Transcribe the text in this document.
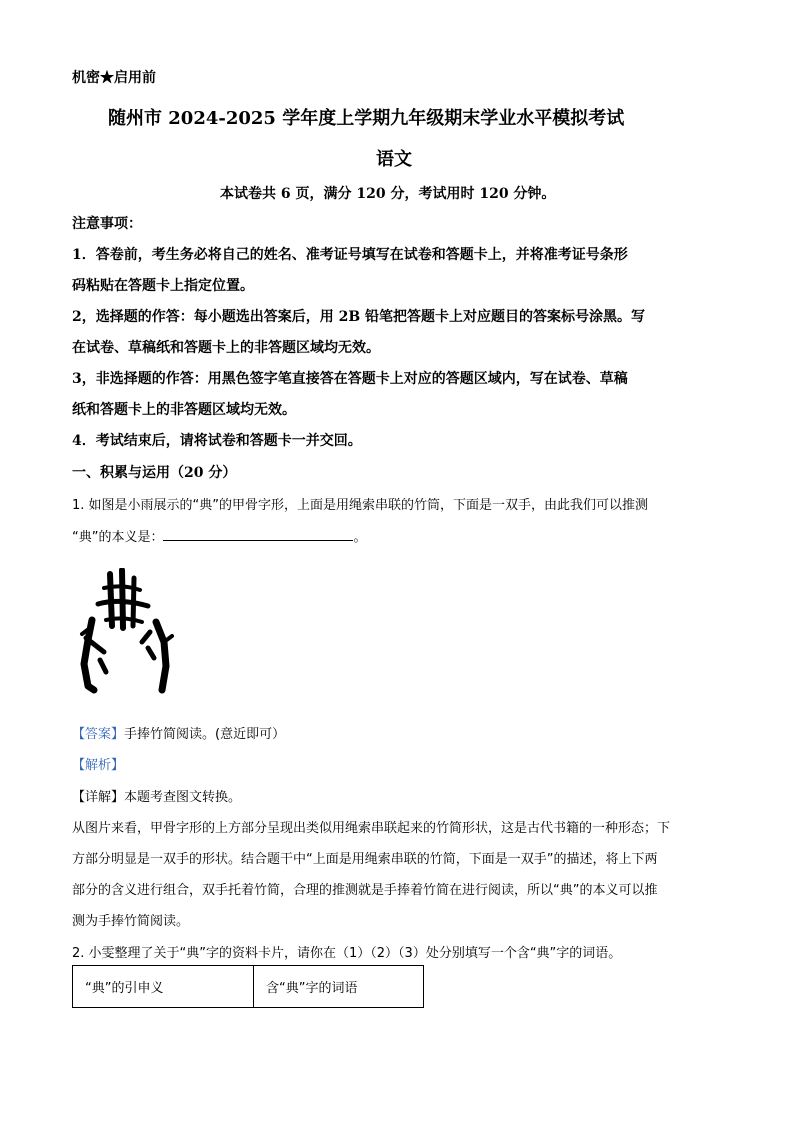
机密★启用前
随州市 2024-2025 学年度上学期九年级期末学业水平模拟考试
语文
本试卷共 6 页，满分 120 分，考试用时 120 分钟。
注意事项：
1．答卷前，考生务必将自己的姓名、准考证号填写在试卷和答题卡上，并将准考证号条形
码粘贴在答题卡上指定位置。
2，选择题的作答：每小题选出答案后，用 2B 铅笔把答题卡上对应题目的答案标号涂黑。写
在试卷、草稿纸和答题卡上的非答题区域均无效。
3，非选择题的作答：用黑色签字笔直接答在答题卡上对应的答题区域内，写在试卷、草稿
纸和答题卡上的非答题区域均无效。
4．考试结束后，请将试卷和答题卡一并交回。
一、积累与运用（20 分）
1. 如图是小雨展示的“典”的甲骨字形，上面是用绳索串联的竹筒，下面是一双手，由此我们可以推测
“典”的本义是：	。
【答案】手捧竹简阅读。(意近即可）
【解析】
【详解】本题考查图文转换。
从图片来看，甲骨字形的上方部分呈现出类似用绳索串联起来的竹简形状，这是古代书籍的一种形态；下
方部分明显是一双手的形状。结合题干中“上面是用绳索串联的竹简，下面是一双手”的描述，将上下两
部分的含义进行组合，双手托着竹简，合理的推测就是手捧着竹简在进行阅读，所以“典”的本义可以推
测为手捧竹简阅读。
2. 小雯整理了关于“典”字的资料卡片，请你在（1）（2）（3）处分别填写一个含“典”字的词语。
“典”的引申义	含“典”字的词语
